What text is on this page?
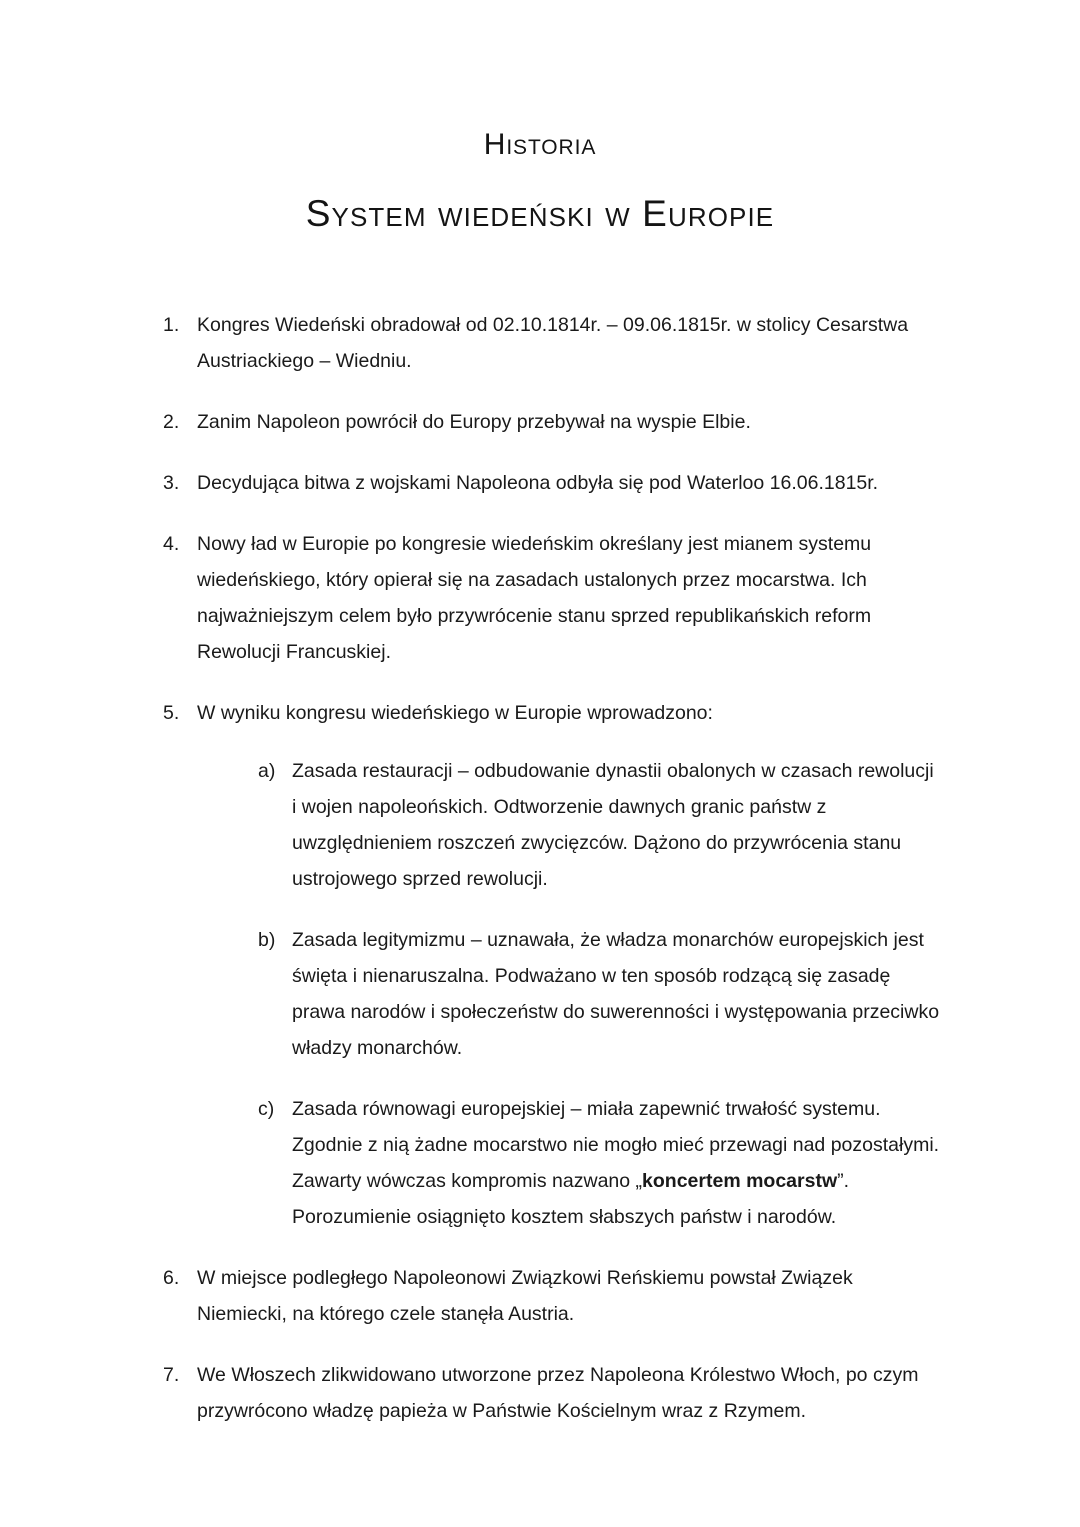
Historia
System wiedeński w Europie
1. Kongres Wiedeński obradował od 02.10.1814r. – 09.06.1815r. w stolicy Cesarstwa Austriackiego – Wiedniu.
2. Zanim Napoleon powrócił do Europy przebywał na wyspie Elbie.
3. Decydująca bitwa z wojskami Napoleona odbyła się pod Waterloo 16.06.1815r.
4. Nowy ład w Europie po kongresie wiedeńskim określany jest mianem systemu wiedeńskiego, który opierał się na zasadach ustalonych przez mocarstwa. Ich najważniejszym celem było przywrócenie stanu sprzed republikańskich reform Rewolucji Francuskiej.
5. W wyniku kongresu wiedeńskiego w Europie wprowadzono:
a) Zasada restauracji – odbudowanie dynastii obalonych w czasach rewolucji i wojen napoleońskich. Odtworzenie dawnych granic państw z uwzględnieniem roszczeń zwycięzców. Dążono do przywrócenia stanu ustrojowego sprzed rewolucji.
b) Zasada legitymizmu – uznawała, że władza monarchów europejskich jest święta i nienaruszalna. Podważano w ten sposób rodzącą się zasadę prawa narodów i społeczeństw do suwerenności i występowania przeciwko władzy monarchów.
c) Zasada równowagi europejskiej – miała zapewnić trwałość systemu. Zgodnie z nią żadne mocarstwo nie mogło mieć przewagi nad pozostałymi. Zawarty wówczas kompromis nazwano „koncertem mocarstw”. Porozumienie osiągnięto kosztem słabszych państw i narodów.
6. W miejsce podległego Napoleonowi Związkowi Reńskiemu powstał Związek Niemiecki, na którego czele stanęła Austria.
7. We Włoszech zlikwidowano utworzone przez Napoleona Królestwo Włoch, po czym przywrócono władzę papieża w Państwie Kościelnym wraz z Rzymem.
